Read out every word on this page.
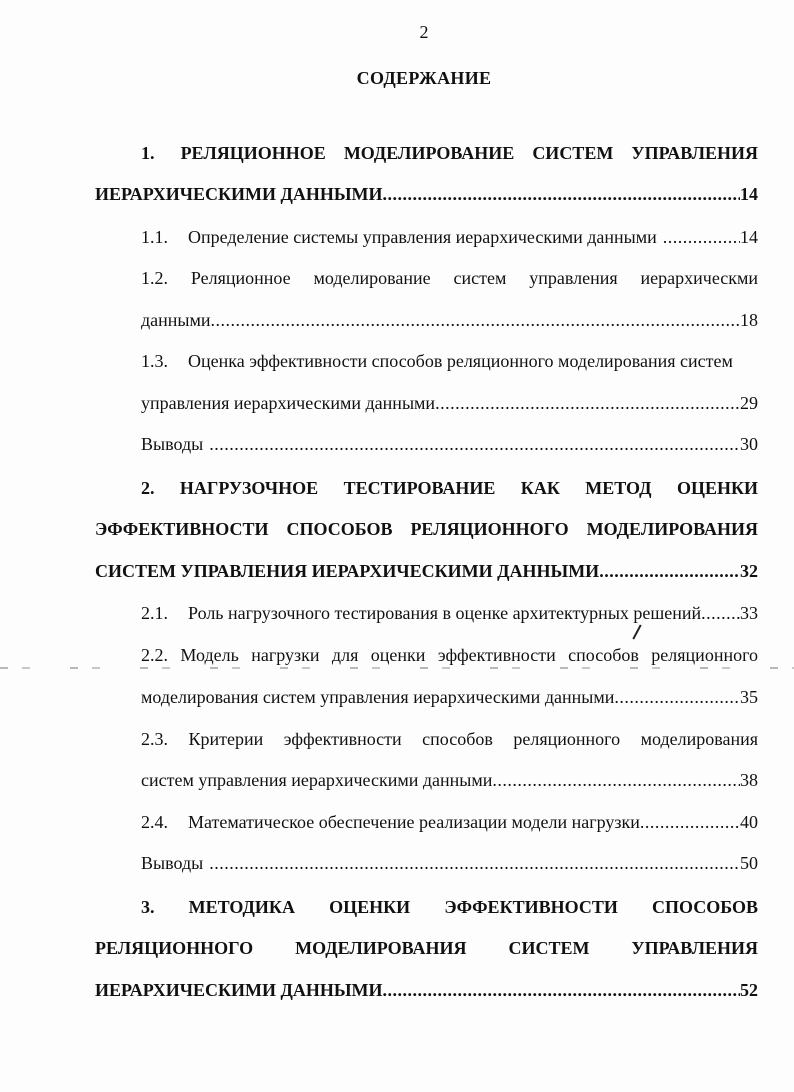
2
СОДЕРЖАНИЕ
1. РЕЛЯЦИОННОЕ МОДЕЛИРОВАНИЕ СИСТЕМ УПРАВЛЕНИЯ
ИЕРАРХИЧЕСКИМИ ДАННЫМИ .....	14
1.1. Определение системы управления иерархическими данными .....	14
1.2. Реляционное моделирование систем управления иерархическми
данными .....	18
1.3. Оценка эффективности способов реляционного моделирования систем
управления иерархическими данными .....	29
Выводы .....	30
2. НАГРУЗОЧНОЕ ТЕСТИРОВАНИЕ КАК МЕТОД ОЦЕНКИ
ЭФФЕКТИВНОСТИ СПОСОБОВ РЕЛЯЦИОННОГО МОДЕЛИРОВАНИЯ
СИСТЕМ УПРАВЛЕНИЯ ИЕРАРХИЧЕСКИМИ ДАННЫМИ .....	32
2.1. Роль нагрузочного тестирования в оценке архитектурных решений ..... 33
2.2. Модель нагрузки для оценки эффективности способов реляционного
моделирования систем управления иерархическими данными .....	35
2.3. Критерии эффективности способов реляционного моделирования
систем управления иерархическими данными .....	38
2.4. Математическое обеспечение реализации модели нагрузки .....	40
Выводы .....	50
3. МЕТОДИКА ОЦЕНКИ ЭФФЕКТИВНОСТИ СПОСОБОВ
РЕЛЯЦИОННОГО МОДЕЛИРОВАНИЯ СИСТЕМ УПРАВЛЕНИЯ
ИЕРАРХИЧЕСКИМИ ДАННЫМИ .....	52
